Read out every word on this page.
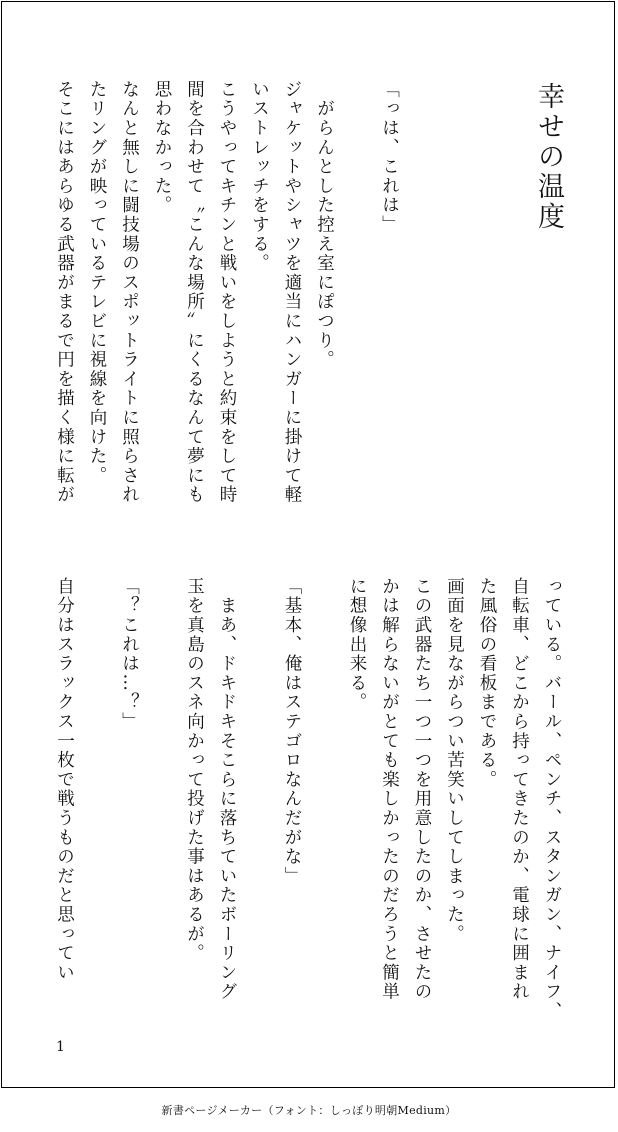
幸せの温度
「っは、これは」

　がらんとした控え室にぽつり。
ジャケットやシャツを適当にハンガーに掛けて軽
いストレッチをする。
こうやってキチンと戦いをしようと約束をして時
間を合わせて〝こんな場所〟にくるなんて夢にも
思わなかった。
なんと無しに闘技場のスポットライトに照らされ
たリングが映っているテレビに視線を向けた。
そこにはあらゆる武器がまるで円を描く様に転が
っている。バール、ペンチ、スタンガン、ナイフ、
自転車、どこから持ってきたのか、電球に囲まれ
た風俗の看板まである。
画面を見ながらつい苦笑いしてしまった。
この武器たち一つ一つを用意したのか、させたの
かは解らないがとても楽しかったのだろうと簡単
に想像出来る。

「基本、俺はステゴロなんだがな」

　まあ、ドキドキそこらに落ちていたボーリング
玉を真島のスネ向かって投げた事はあるが。

「？これは…？」

自分はスラックス一枚で戦うものだと思ってい
1
新書ページメーカー（フォント：しっぽり明朝Medium）
